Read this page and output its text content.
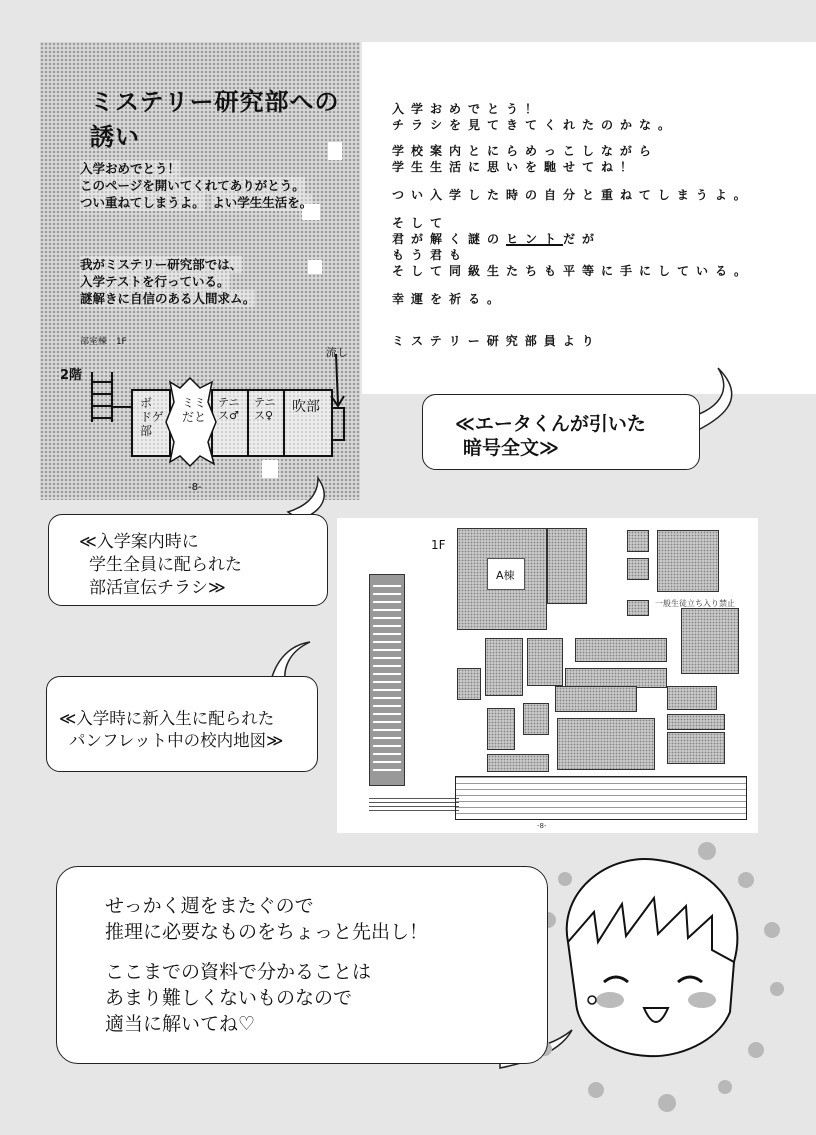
ミステリー研究部への誘い
入学おめでとう！ このページを開いてくれてありがとう。 つい重ねてしまうよ。 よい学生生活を。
我がミステリー研究部では、 入学テストを行っている。 謎解きに自信のある人間求ム。
部室棟　1F
2階
流し
ボドゲ部
ミミだと
テニス♂
テニス♀
吹部
-8-
入学おめでとう！
チラシを見てきてくれたのかな。
学校案内とにらめっこしながら
学生生活に思いを馳せてね！
つい入学した時の自分と重ねてしまうよ。
そして
君が解く謎のヒントだが
もう君も
そして同級生たちも平等に手にしている。
幸運を祈る。
ミステリー研究部員より
≪エータくんが引いた
暗号全文≫
≪入学案内時に
学生全員に配られた
部活宣伝チラシ≫
1F
A棟
一般生徒立ち入り禁止
-8-
≪入学時に新入生に配られた
パンフレット中の校内地図≫
せっかく週をまたぐので
推理に必要なものをちょっと先出し！
ここまでの資料で分かることは
あまり難しくないものなので
適当に解いてね♡
